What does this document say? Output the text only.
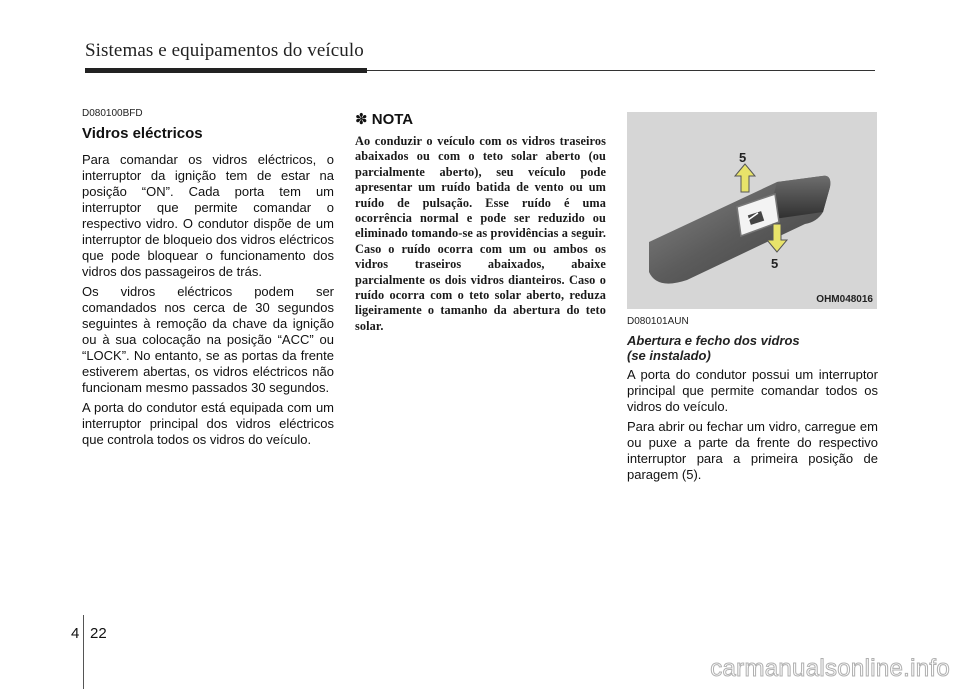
Sistemas e equipamentos do veículo
D080100BFD
Vidros eléctricos

Para comandar os vidros eléctricos, o interruptor da ignição tem de estar na posição “ON”. Cada porta tem um interruptor que permite comandar o respectivo vidro. O condutor dispõe de um interruptor de bloqueio dos vidros eléctricos que pode bloquear o funcionamento dos vidros dos passageiros de trás.

Os vidros eléctricos podem ser comandados nos cerca de 30 segundos seguintes à remoção da chave da ignição ou à sua colocação na posição “ACC” ou “LOCK”. No entanto, se as portas da frente estiverem abertas, os vidros eléctricos não funcionam mesmo passados 30 segundos.

A porta do condutor está equipada com um interruptor principal dos vidros eléctricos que controla todos os vidros do veículo.

✽ NOTA
Ao conduzir o veículo com os vidros traseiros abaixados ou com o teto solar aberto (ou parcialmente aberto), seu veículo pode apresentar um ruído batida de vento ou um ruído de pulsação. Esse ruído é uma ocorrência normal e pode ser reduzido ou eliminado tomando-se as providências a seguir. Caso o ruído ocorra com um ou ambos os vidros traseiros abaixados, abaixe parcialmente os dois vidros dianteiros. Caso o ruído ocorra com o teto solar aberto, reduza ligeiramente o tamanho da abertura do teto solar.
5
5
OHM048016
D080101AUN
Abertura e fecho dos vidros
(se instalado)

A porta do condutor possui um interruptor principal que permite comandar todos os vidros do veículo.

Para abrir ou fechar um vidro, carregue em ou puxe a parte da frente do respectivo interruptor para a primeira posição de paragem (5).

4 22
carmanualsonline.info
